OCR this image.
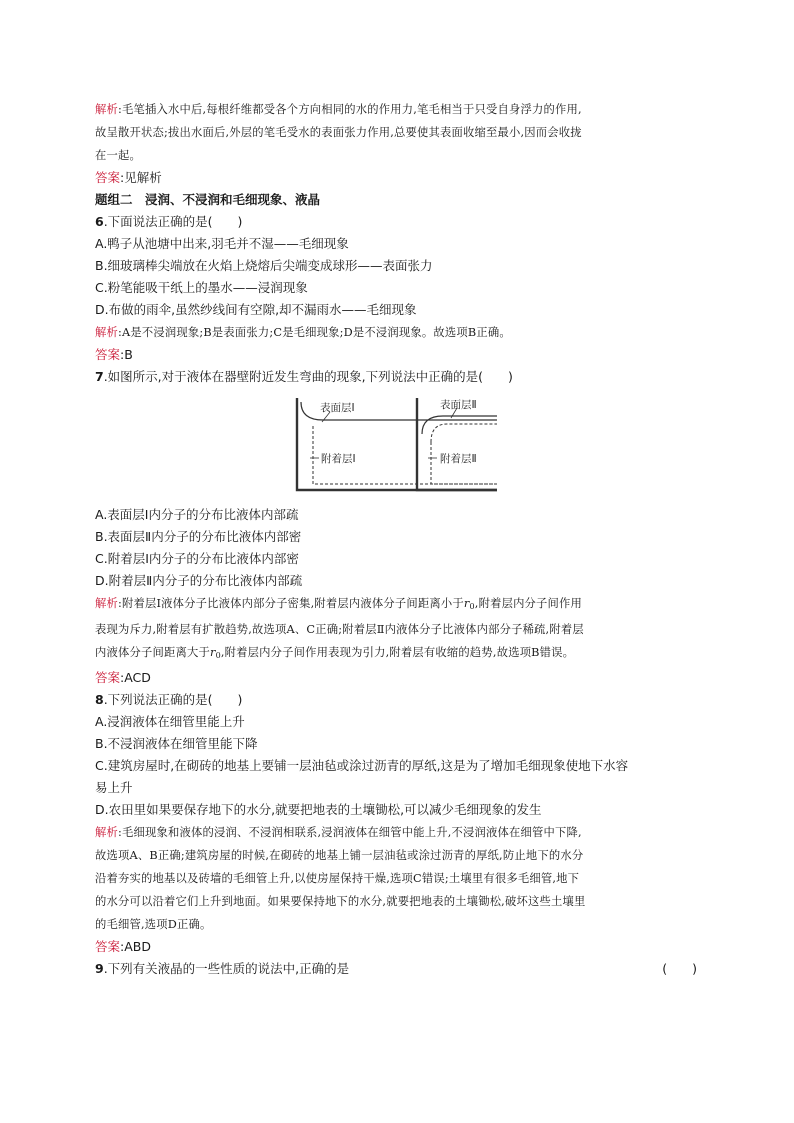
解析:毛笔插入水中后,每根纤维都受各个方向相同的水的作用力,笔毛相当于只受自身浮力的作用,
故呈散开状态;拔出水面后,外层的笔毛受水的表面张力作用,总要使其表面收缩至最小,因而会收拢
在一起。
答案:见解析
题组二　浸润、不浸润和毛细现象、液晶
6.下面说法正确的是(　　)
A.鸭子从池塘中出来,羽毛并不湿——毛细现象
B.细玻璃棒尖端放在火焰上烧熔后尖端变成球形——表面张力
C.粉笔能吸干纸上的墨水——浸润现象
D.布做的雨伞,虽然纱线间有空隙,却不漏雨水——毛细现象
解析:A是不浸润现象;B是表面张力;C是毛细现象;D是不浸润现象。故选项B正确。
答案:B
7.如图所示,对于液体在器壁附近发生弯曲的现象,下列说法中正确的是(　　)
表面层Ⅰ
附着层Ⅰ
表面层Ⅱ
附着层Ⅱ
A.表面层Ⅰ内分子的分布比液体内部疏
B.表面层Ⅱ内分子的分布比液体内部密
C.附着层Ⅰ内分子的分布比液体内部密
D.附着层Ⅱ内分子的分布比液体内部疏
解析:附着层Ⅰ液体分子比液体内部分子密集,附着层内液体分子间距离小于$r_0$,附着层内分子间作用
表现为斥力,附着层有扩散趋势,故选项A、C正确;附着层Ⅱ内液体分子比液体内部分子稀疏,附着层
内液体分子间距离大于$r_0$,附着层内分子间作用表现为引力,附着层有收缩的趋势,故选项B错误。
答案:ACD
8.下列说法正确的是(　　)
A.浸润液体在细管里能上升
B.不浸润液体在细管里能下降
C.建筑房屋时,在砌砖的地基上要铺一层油毡或涂过沥青的厚纸,这是为了增加毛细现象使地下水容
易上升
D.农田里如果要保存地下的水分,就要把地表的土壤锄松,可以减少毛细现象的发生
解析:毛细现象和液体的浸润、不浸润相联系,浸润液体在细管中能上升,不浸润液体在细管中下降,
故选项A、B正确;建筑房屋的时候,在砌砖的地基上铺一层油毡或涂过沥青的厚纸,防止地下的水分
沿着夯实的地基以及砖墙的毛细管上升,以使房屋保持干燥,选项C错误;土壤里有很多毛细管,地下
的水分可以沿着它们上升到地面。如果要保持地下的水分,就要把地表的土壤锄松,破坏这些土壤里
的毛细管,选项D正确。
答案:ABD
9.下列有关液晶的一些性质的说法中,正确的是	(　　)
